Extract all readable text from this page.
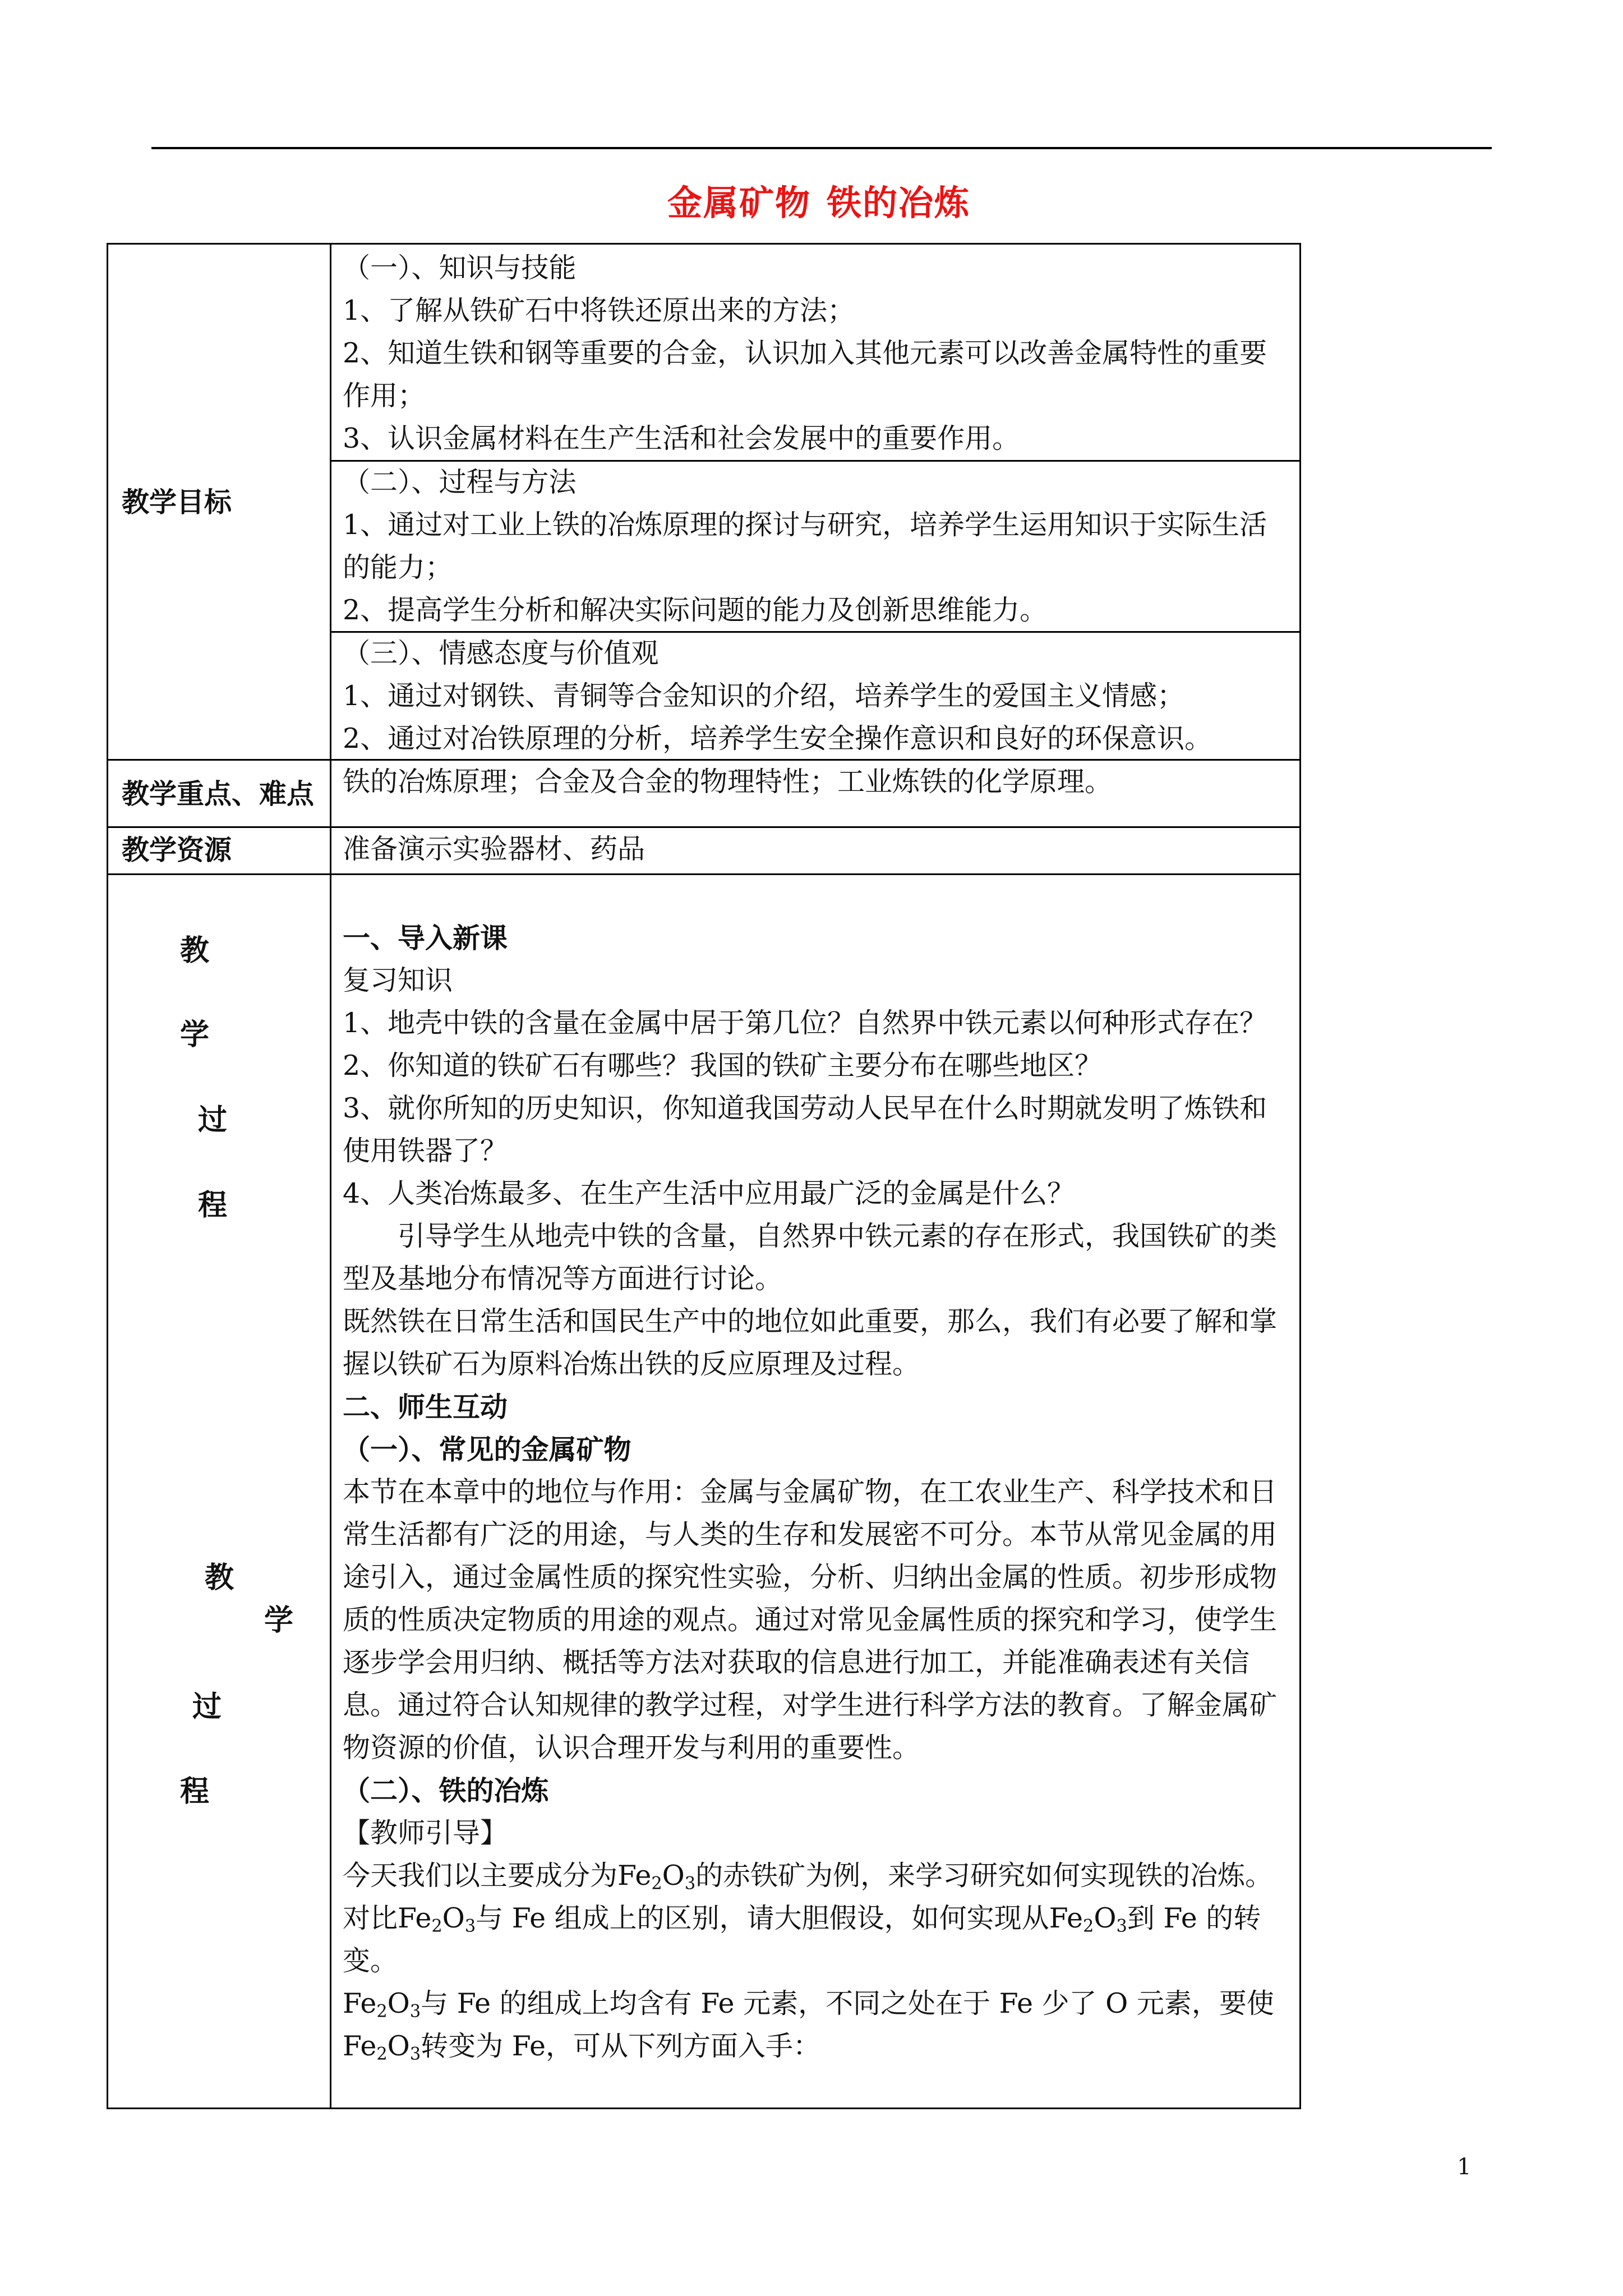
金属矿物 铁的冶炼
教学目标

（一）、知识与技能

1、了解从铁矿石中将铁还原出来的方法；

2、知道生铁和钢等重要的合金，认识加入其他元素可以改善金属特性的重要作用；

3、认识金属材料在生产生活和社会发展中的重要作用。

（二）、过程与方法

1、通过对工业上铁的冶炼原理的探讨与研究，培养学生运用知识于实际生活的能力；

2、提高学生分析和解决实际问题的能力及创新思维能力。

（三）、情感态度与价值观

1、通过对钢铁、青铜等合金知识的介绍，培养学生的爱国主义情感；

2、通过对冶铁原理的分析，培养学生安全操作意识和良好的环保意识。

教学重点、难点	铁的冶炼原理；合金及合金的物理特性；工业炼铁的化学原理。
教学资源	准备演示实验器材、药品
教
学
过
程
教
学
过
程

一、导入新课

复习知识

1、地壳中铁的含量在金属中居于第几位？自然界中铁元素以何种形式存在？

2、你知道的铁矿石有哪些？我国的铁矿主要分布在哪些地区？

3、就你所知的历史知识，你知道我国劳动人民早在什么时期就发明了炼铁和使用铁器了？

4、人类冶炼最多、在生产生活中应用最广泛的金属是什么？

引导学生从地壳中铁的含量，自然界中铁元素的存在形式，我国铁矿的类型及基地分布情况等方面进行讨论。

既然铁在日常生活和国民生产中的地位如此重要，那么，我们有必要了解和掌握以铁矿石为原料冶炼出铁的反应原理及过程。

二、师生互动

（一）、常见的金属矿物

本节在本章中的地位与作用：金属与金属矿物，在工农业生产、科学技术和日常生活都有广泛的用途，与人类的生存和发展密不可分。本节从常见金属的用途引入，通过金属性质的探究性实验，分析、归纳出金属的性质。初步形成物质的性质决定物质的用途的观点。通过对常见金属性质的探究和学习，使学生逐步学会用归纳、概括等方法对获取的信息进行加工，并能准确表述有关信息。通过符合认知规律的教学过程，对学生进行科学方法的教育。了解金属矿物资源的价值，认识合理开发与利用的重要性。

（二）、铁的冶炼

【教师引导】

今天我们以主要成分为$Fe_2O_3$的赤铁矿为例，来学习研究如何实现铁的冶炼。

对比$Fe_2O_3$与 Fe 组成上的区别，请大胆假设，如何实现从$Fe_2O_3$到 Fe 的转变。

$Fe_2O_3$与 Fe 的组成上均含有 Fe 元素，不同之处在于 Fe 少了 O 元素，要使$Fe_2O_3$转变为 Fe，可从下列方面入手：

1
